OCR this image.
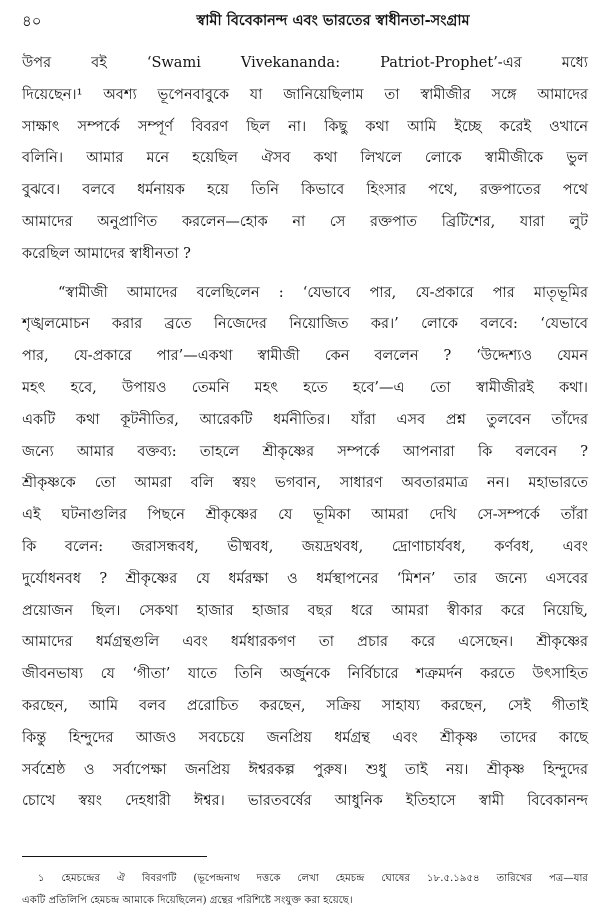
৪০	স্বামী বিবেকানন্দ এবং ভারতের স্বাধীনতা-সংগ্রাম
উপর বই ‘Swami Vivekananda: Patriot-Prophet’-এর মধ্যে
দিয়েছেন।¹ অবশ্য ভূপেনবাবুকে যা জানিয়েছিলাম তা স্বামীজীর সঙ্গে আমাদের
সাক্ষাৎ সম্পর্কে সম্পূর্ণ বিবরণ ছিল না। কিছু কথা আমি ইচ্ছে করেই ওখানে
বলিনি। আমার মনে হয়েছিল ঐসব কথা লিখলে লোকে স্বামীজীকে ভুল
বুঝবে। বলবে ধর্মনায়ক হয়ে তিনি কিভাবে হিংসার পথে, রক্তপাতের পথে
আমাদের অনুপ্রাণিত করলেন—হোক না সে রক্তপাত ব্রিটিশের, যারা লুট
করেছিল আমাদের স্বাধীনতা ?
“স্বামীজী আমাদের বলেছিলেন : ‘যেভাবে পার, যে-প্রকারে পার মাতৃভূমির
শৃঙ্খলমোচন করার ব্রতে নিজেদের নিয়োজিত কর।’ লোকে বলবে: ‘যেভাবে
পার, যে-প্রকারে পার’—একথা স্বামীজী কেন বললেন ? ‘উদ্দেশ্যও যেমন
মহৎ হবে, উপায়ও তেমনি মহৎ হতে হবে’—এ তো স্বামীজীরই কথা।
একটি কথা কূটনীতির, আরেকটি ধর্মনীতির। যাঁরা এসব প্রশ্ন তুলবেন তাঁদের
জন্যে আমার বক্তব্য: তাহলে শ্রীকৃষ্ণের সম্পর্কে আপনারা কি বলবেন ?
শ্রীকৃষ্ণকে তো আমরা বলি স্বয়ং ভগবান, সাধারণ অবতারমাত্র নন। মহাভারতে
এই ঘটনাগুলির পিছনে শ্রীকৃষ্ণের যে ভূমিকা আমরা দেখি সে-সম্পর্কে তাঁরা
কি বলেন: জরাসন্ধবধ, ভীষ্মবধ, জয়দ্রথবধ, দ্রোণাচার্যবধ, কর্ণবধ, এবং
দুর্যোধনবধ ? শ্রীকৃষ্ণের যে ধর্মরক্ষা ও ধর্মস্থাপনের ‘মিশন’ তার জন্যে এসবের
প্রয়োজন ছিল। সেকথা হাজার হাজার বছর ধরে আমরা স্বীকার করে নিয়েছি,
আমাদের ধর্মগ্রন্থগুলি এবং ধর্মধারকগণ তা প্রচার করে এসেছেন। শ্রীকৃষ্ণের
জীবনভাষ্য যে ‘গীতা’ যাতে তিনি অর্জুনকে নির্বিচারে শত্রুমর্দন করতে উৎসাহিত
করছেন, আমি বলব প্ররোচিত করছেন, সক্রিয় সাহায্য করছেন, সেই গীতাই
কিন্তু হিন্দুদের আজও সবচেয়ে জনপ্রিয় ধর্মগ্রন্থ এবং শ্রীকৃষ্ণ তাদের কাছে
সর্বশ্রেষ্ঠ ও সর্বাপেক্ষা জনপ্রিয় ঈশ্বরকল্প পুরুষ। শুধু তাই নয়। শ্রীকৃষ্ণ হিন্দুদের
চোখে স্বয়ং দেহধারী ঈশ্বর। ভারতবর্ষের আধুনিক ইতিহাসে স্বামী বিবেকানন্দ
১ হেমচন্দ্রের ঐ বিবরণটি (ভূপেন্দ্রনাথ দত্তকে লেখা হেমচন্দ্র ঘোষের ১৮.৫.১৯৫৪ তারিখের পত্র—যার
একটি প্রতিলিপি হেমচন্দ্র আমাকে দিয়েছিলেন) গ্রন্থের পরিশিষ্টে সংযুক্ত করা হয়েছে।
